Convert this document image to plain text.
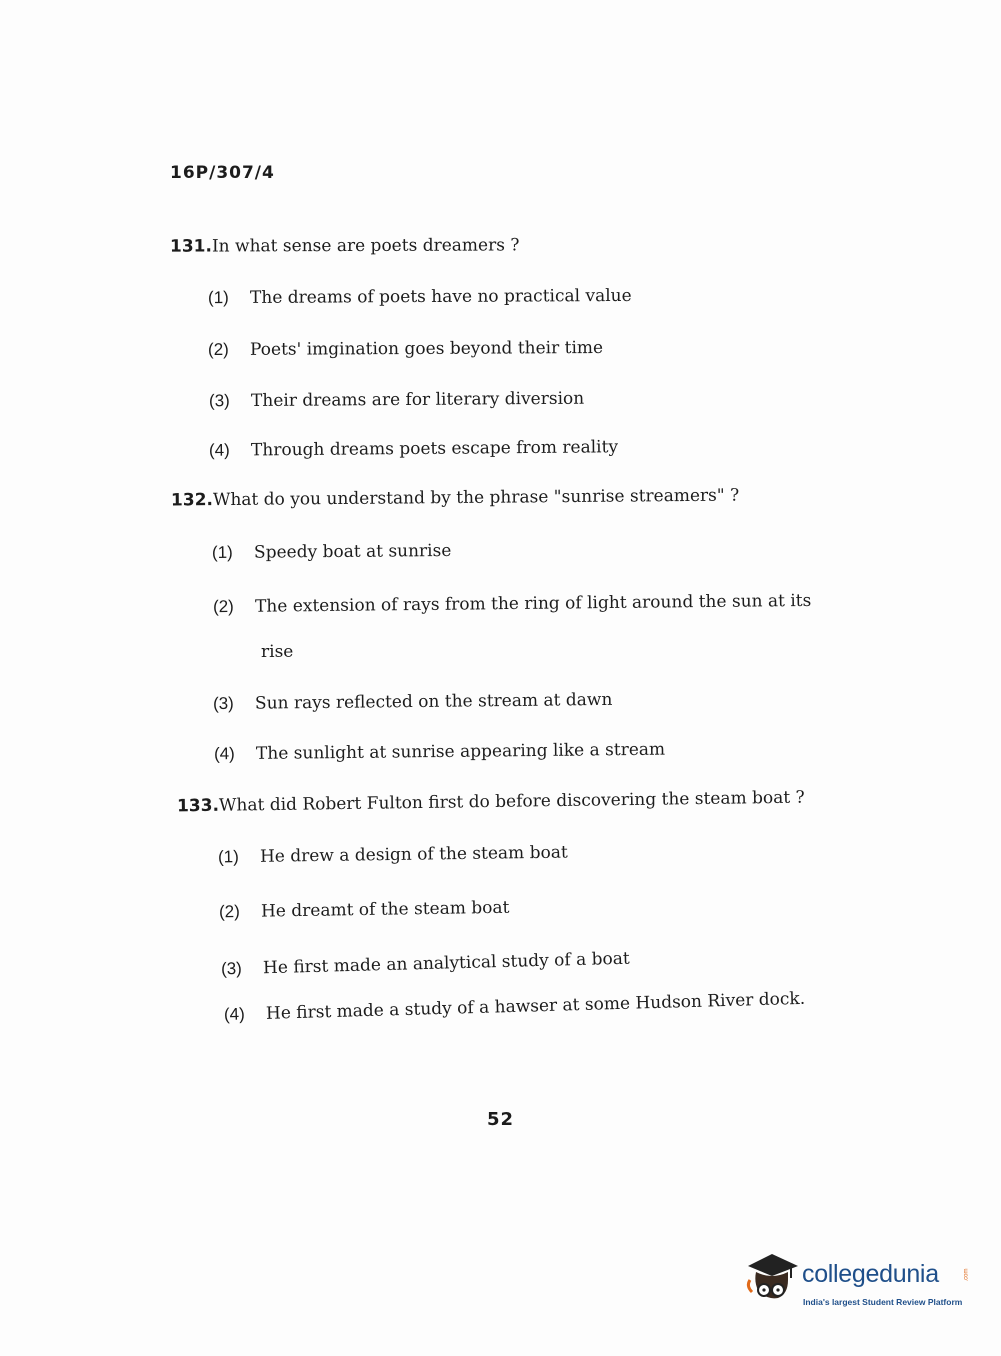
16P/307/4
131.In what sense are poets dreamers ?
(1) The dreams of poets have no practical value
(2) Poets' imgination goes beyond their time
(3) Their dreams are for literary diversion
(4) Through dreams poets escape from reality
132.What do you understand by the phrase "sunrise streamers" ?
(1) Speedy boat at sunrise
(2) The extension of rays from the ring of light around the sun at its
rise
(3) Sun rays reflected on the stream at dawn
(4) The sunlight at sunrise appearing like a stream
133.What did Robert Fulton first do before discovering the steam boat ?
(1) He drew a design of the steam boat
(2) He dreamt of the steam boat
(3) He first made an analytical study of a boat
(4) He first made a study of a hawser at some Hudson River dock.
52
collegedunia	.com
India's largest Student Review Platform
